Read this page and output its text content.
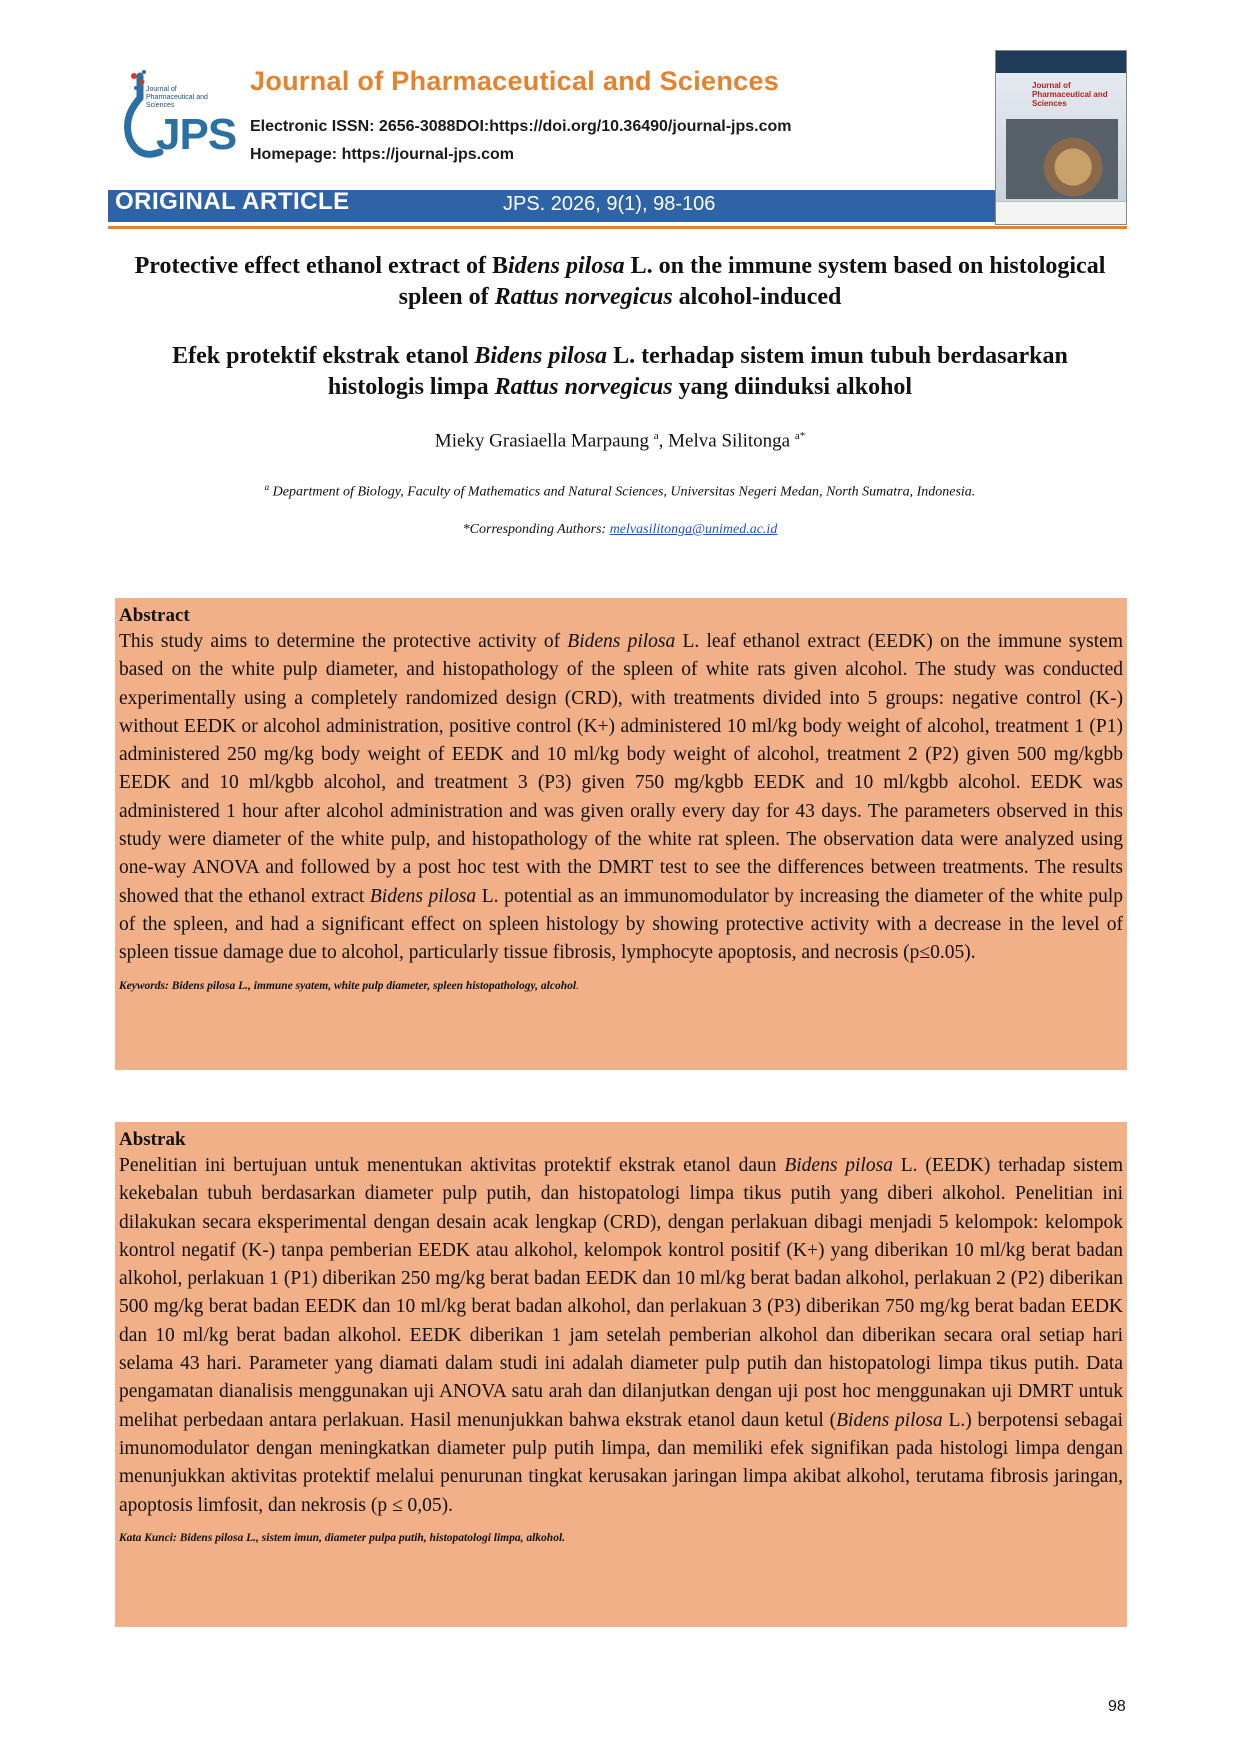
Journal of Pharmaceutical and Sciences
JPS
Journal of Pharmaceutical and Sciences
Electronic ISSN: 2656-3088DOI:https://doi.org/10.36490/journal-jps.com
Homepage: https://journal-jps.com
Journal of Pharmaceutical and Sciences
ORIGINAL ARTICLE	JPS. 2026, 9(1), 98-106
Protective effect ethanol extract of Bidens pilosa L. on the immune system based on histological spleen of Rattus norvegicus alcohol-induced
Efek protektif ekstrak etanol Bidens pilosa L. terhadap sistem imun tubuh berdasarkan histologis limpa Rattus norvegicus yang diinduksi alkohol
Mieky Grasiaella Marpaung $^a$, Melva Silitonga $^{a*}$
$^a$ Department of Biology, Faculty of Mathematics and Natural Sciences, Universitas Negeri Medan, North Sumatra, Indonesia.
*Corresponding Authors: melvasilitonga@unimed.ac.id
Abstract

This study aims to determine the protective activity of Bidens pilosa L. leaf ethanol extract (EEDK) on the immune system based on the white pulp diameter, and histopathology of the spleen of white rats given alcohol. The study was conducted experimentally using a completely randomized design (CRD), with treatments divided into 5 groups: negative control (K-) without EEDK or alcohol administration, positive control (K+) administered 10 ml/kg body weight of alcohol, treatment 1 (P1) administered 250 mg/kg body weight of EEDK and 10 ml/kg body weight of alcohol, treatment 2 (P2) given 500 mg/kgbb EEDK and 10 ml/kgbb alcohol, and treatment 3 (P3) given 750 mg/kgbb EEDK and 10 ml/kgbb alcohol. EEDK was administered 1 hour after alcohol administration and was given orally every day for 43 days. The parameters observed in this study were diameter of the white pulp, and histopathology of the white rat spleen. The observation data were analyzed using one-way ANOVA and followed by a post hoc test with the DMRT test to see the differences between treatments. The results showed that the ethanol extract Bidens pilosa L. potential as an immunomodulator by increasing the diameter of the white pulp of the spleen, and had a significant effect on spleen histology by showing protective activity with a decrease in the level of spleen tissue damage due to alcohol, particularly tissue fibrosis, lymphocyte apoptosis, and necrosis (p≤0.05).

Keywords: Bidens pilosa L., immune syatem, white pulp diameter, spleen histopathology, alcohol.
Abstrak

Penelitian ini bertujuan untuk menentukan aktivitas protektif ekstrak etanol daun Bidens pilosa L. (EEDK) terhadap sistem kekebalan tubuh berdasarkan diameter pulp putih, dan histopatologi limpa tikus putih yang diberi alkohol. Penelitian ini dilakukan secara eksperimental dengan desain acak lengkap (CRD), dengan perlakuan dibagi menjadi 5 kelompok: kelompok kontrol negatif (K-) tanpa pemberian EEDK atau alkohol, kelompok kontrol positif (K+) yang diberikan 10 ml/kg berat badan alkohol, perlakuan 1 (P1) diberikan 250 mg/kg berat badan EEDK dan 10 ml/kg berat badan alkohol, perlakuan 2 (P2) diberikan 500 mg/kg berat badan EEDK dan 10 ml/kg berat badan alkohol, dan perlakuan 3 (P3) diberikan 750 mg/kg berat badan EEDK dan 10 ml/kg berat badan alkohol. EEDK diberikan 1 jam setelah pemberian alkohol dan diberikan secara oral setiap hari selama 43 hari. Parameter yang diamati dalam studi ini adalah diameter pulp putih dan histopatologi limpa tikus putih. Data pengamatan dianalisis menggunakan uji ANOVA satu arah dan dilanjutkan dengan uji post hoc menggunakan uji DMRT untuk melihat perbedaan antara perlakuan. Hasil menunjukkan bahwa ekstrak etanol daun ketul (Bidens pilosa L.) berpotensi sebagai imunomodulator dengan meningkatkan diameter pulp putih limpa, dan memiliki efek signifikan pada histologi limpa dengan menunjukkan aktivitas protektif melalui penurunan tingkat kerusakan jaringan limpa akibat alkohol, terutama fibrosis jaringan, apoptosis limfosit, dan nekrosis (p ≤ 0,05).

Kata Kunci: Bidens pilosa L., sistem imun, diameter pulpa putih, histopatologi limpa, alkohol.
98
